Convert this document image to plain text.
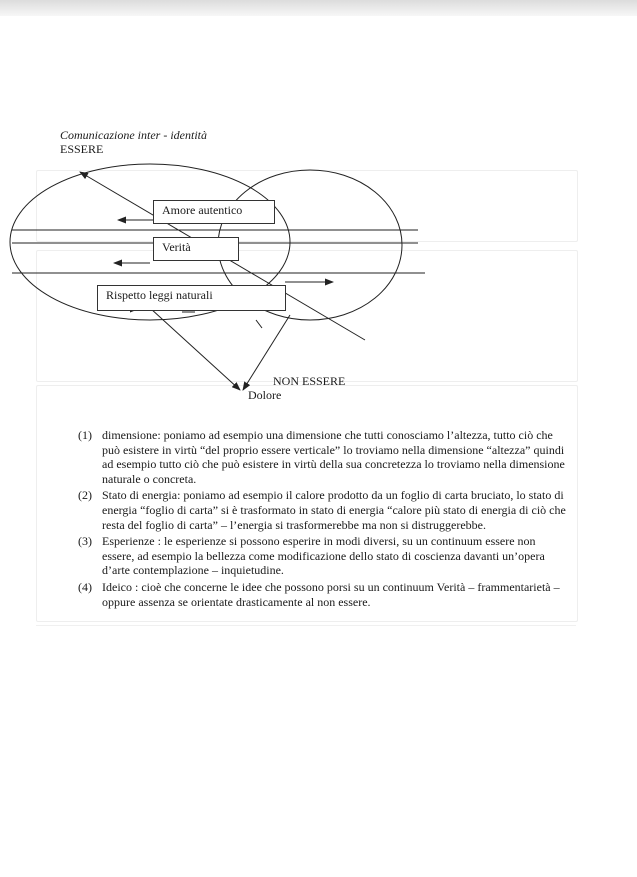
Comunicazione inter - identità
ESSERE
Amore autentico
Verità
Rispetto leggi naturali
NON ESSERE
Dolore
(1) dimensione: poniamo ad esempio una dimensione che tutti conosciamo l’altezza, tutto ciò che può esistere in virtù “del proprio essere verticale” lo troviamo nella dimensione “altezza” quindi ad esempio tutto ciò che può esistere in virtù della sua concretezza lo troviamo nella dimensione naturale o concreta.
(2) Stato di energia: poniamo ad esempio il calore prodotto da un foglio di carta bruciato, lo stato di energia “foglio di carta” si è trasformato in stato di energia “calore più stato di energia di ciò che resta del foglio di carta” – l’energia si trasformerebbe ma non si distruggerebbe.
(3) Esperienze : le esperienze si possono esperire in modi diversi, su un continuum essere non essere, ad esempio la bellezza come modificazione dello stato di coscienza davanti un’opera d’arte contemplazione – inquietudine.
(4) Ideico : cioè che concerne le idee che possono porsi su un continuum Verità – frammentarietà – oppure assenza se orientate drasticamente al non essere.
